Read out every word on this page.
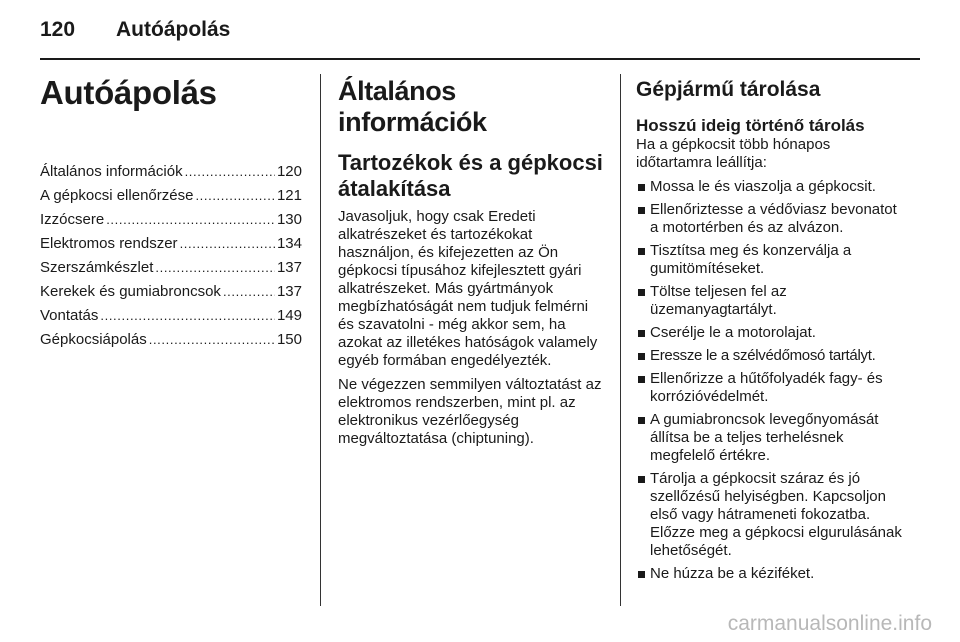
120 Autóápolás
Autóápolás
Általános információk . . .	120
A gépkocsi ellenőrzése . . .	121
Izzócsere . . .	130
Elektromos rendszer . . .	134
Szerszámkészlet . . .	137
Kerekek és gumiabroncsok . . .	137
Vontatás . . .	149
Gépkocsiápolás . . .	150
Általános információk
Tartozékok és a gépkocsi átalakítása
Javasoljuk, hogy csak Eredeti alkatrészeket és tartozékokat használjon, és kifejezetten az Ön gépkocsi típusához kifejlesztett gyári alkatrészeket. Más gyártmányok megbízhatóságát nem tudjuk felmérni és szavatolni - még akkor sem, ha azokat az illetékes hatóságok valamely egyéb formában engedélyezték.
Ne végezzen semmilyen változtatást az elektromos rendszerben, mint pl. az elektronikus vezérlőegység megváltoztatása (chiptuning).
Gépjármű tárolása
Hosszú ideig történő tárolás
Ha a gépkocsit több hónapos időtartamra leállítja:
Mossa le és viaszolja a gépkocsit.
Ellenőriztesse a védőviasz bevonatot a motortérben és az alvázon.
Tisztítsa meg és konzerválja a gumitömítéseket.
Töltse teljesen fel az üzemanyagtartályt.
Cserélje le a motorolajat.
Eressze le a szélvédőmosó tartályt.
Ellenőrizze a hűtőfolyadék fagy- és korrózióvédelmét.
A gumiabroncsok levegőnyomását állítsa be a teljes terhelésnek megfelelő értékre.
Tárolja a gépkocsit száraz és jó szellőzésű helyiségben. Kapcsoljon első vagy hátrameneti fokozatba. Előzze meg a gépkocsi elgurulásának lehetőségét.
Ne húzza be a kéziféket.
carmanualsonline.info
